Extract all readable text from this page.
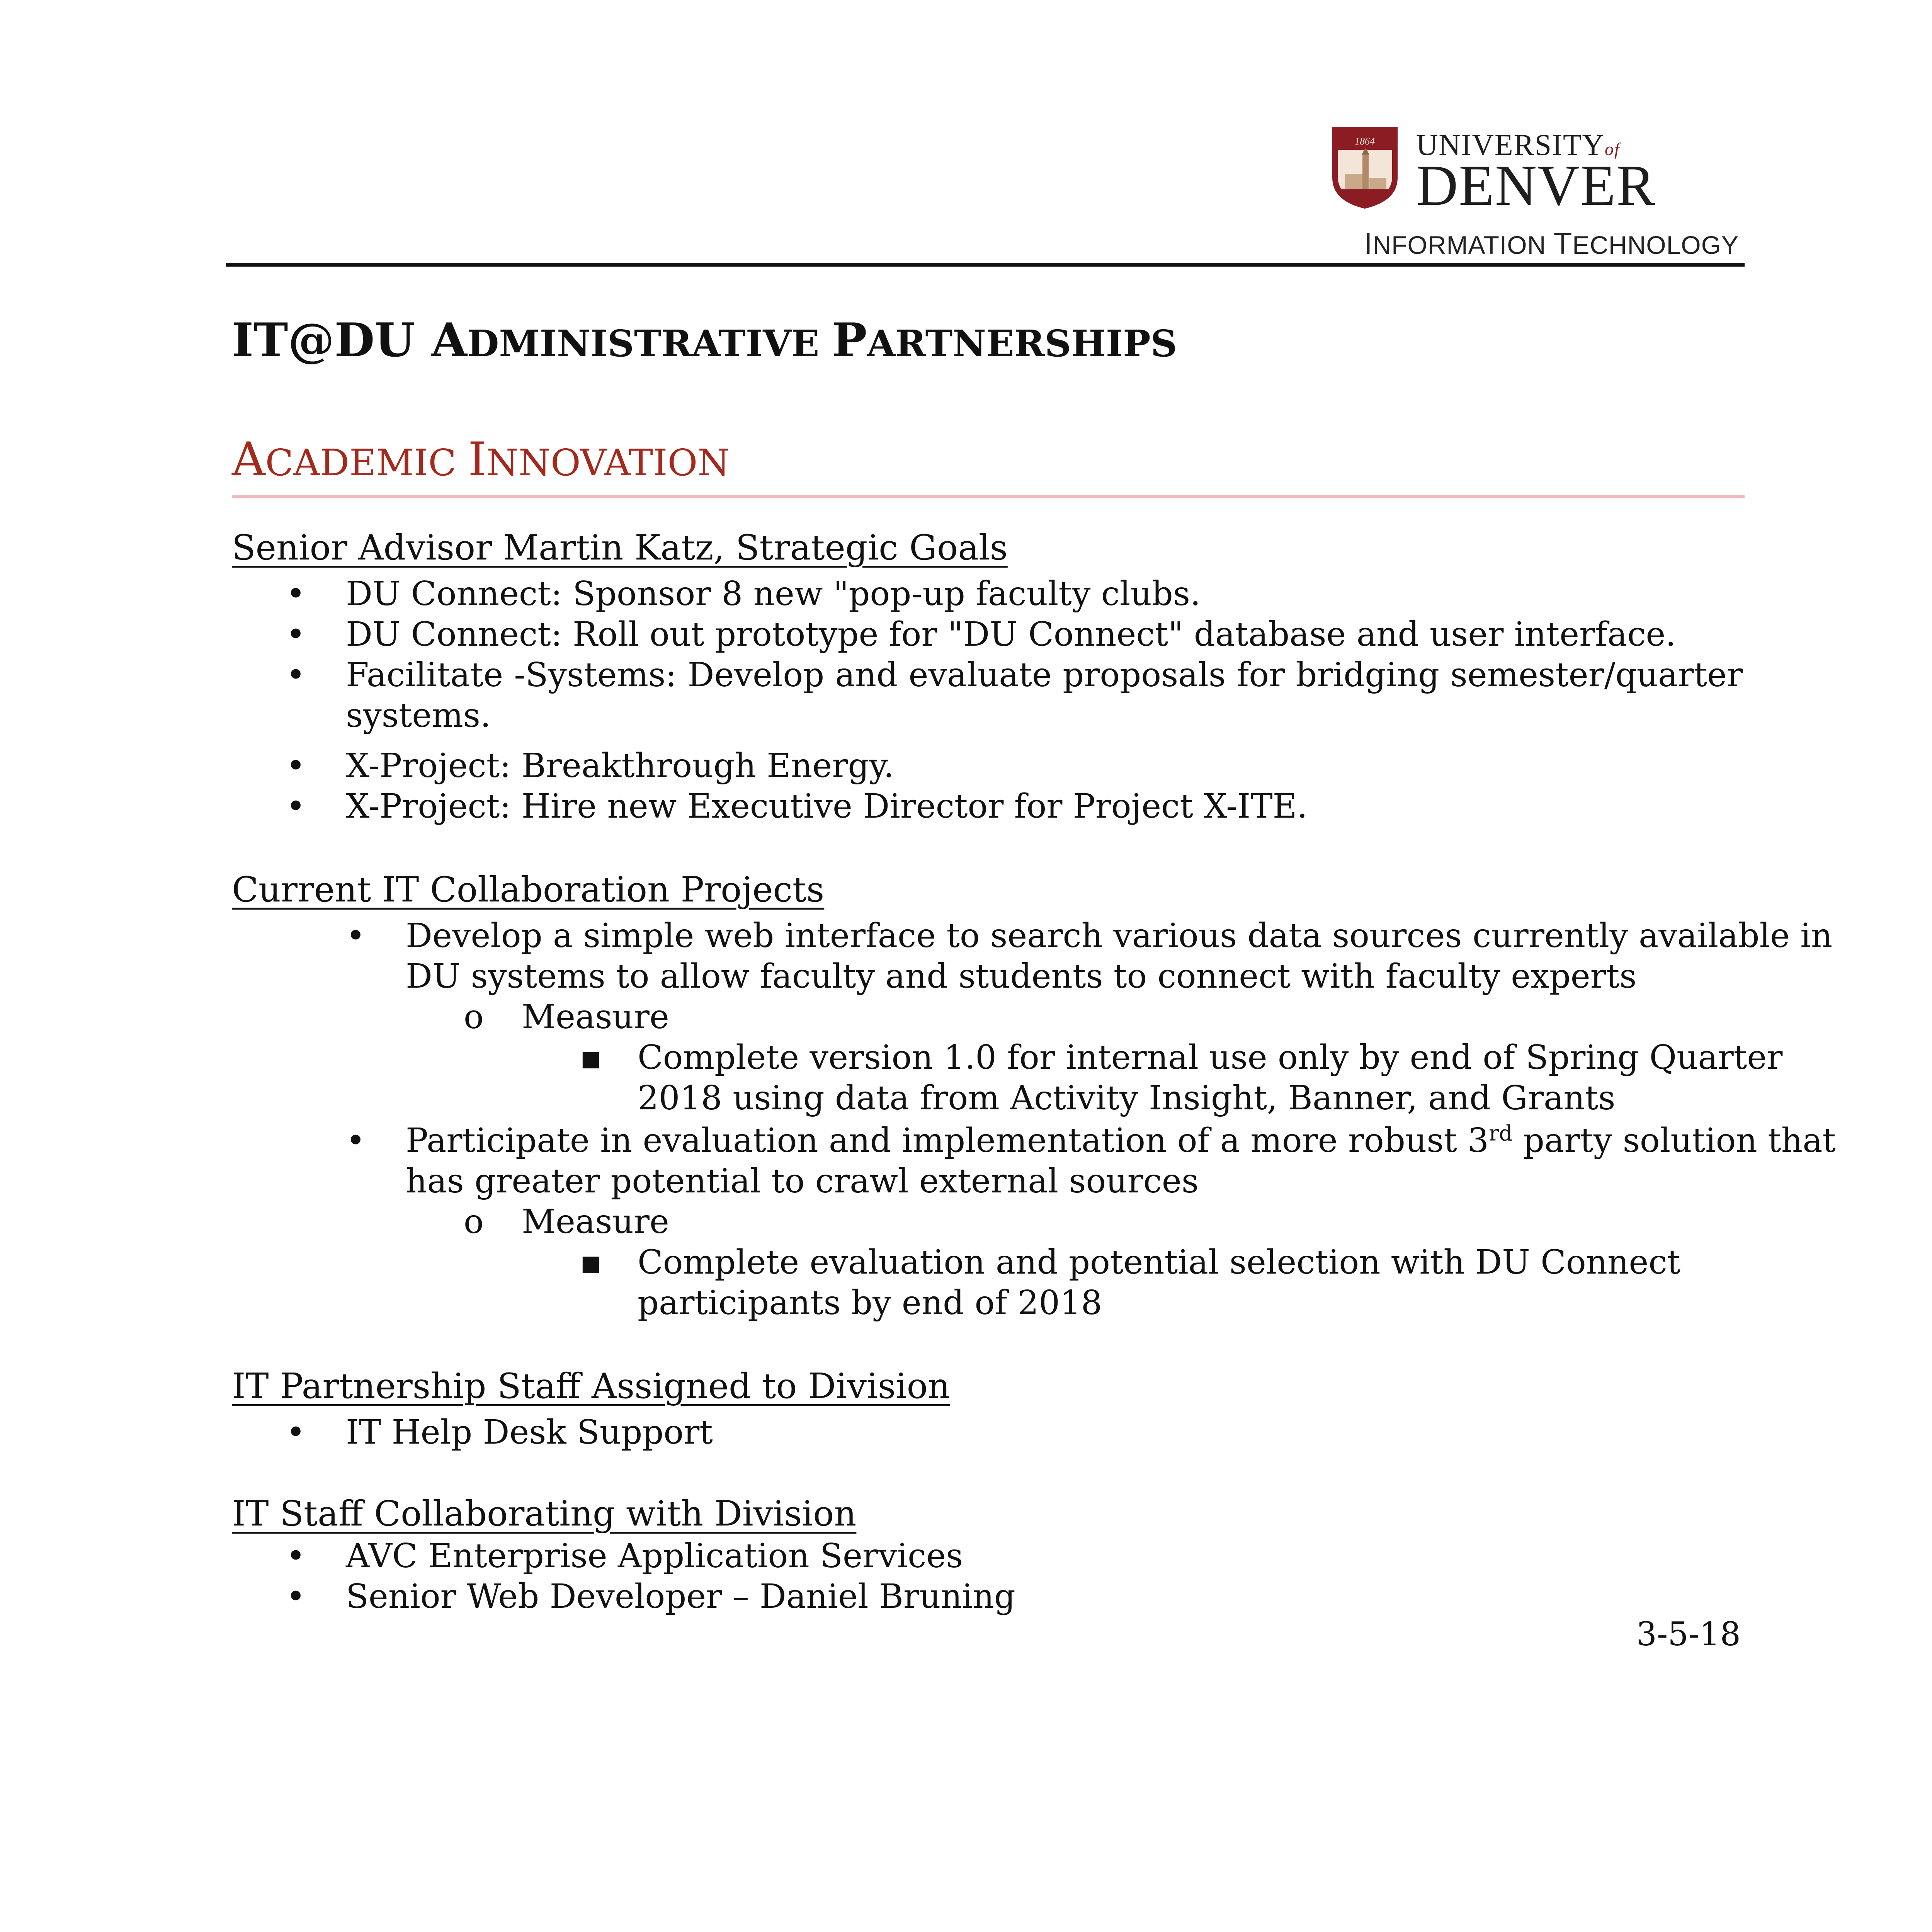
1864 UNIVERSITYof
DENVER
INFORMATION TECHNOLOGY
IT@DU ADMINISTRATIVE PARTNERSHIPS
ACADEMIC INNOVATION
Senior Advisor Martin Katz, Strategic Goals
• DU Connect: Sponsor 8 new "pop-up faculty clubs.
• DU Connect: Roll out prototype for "DU Connect" database and user interface.
• Facilitate -Systems: Develop and evaluate proposals for bridging semester/quarter
systems.
• X-Project: Breakthrough Energy.
• X-Project: Hire new Executive Director for Project X-ITE.
Current IT Collaboration Projects
• Develop a simple web interface to search various data sources currently available in
DU systems to allow faculty and students to connect with faculty experts
o Measure
▪ Complete version 1.0 for internal use only by end of Spring Quarter
2018 using data from Activity Insight, Banner, and Grants
• Participate in evaluation and implementation of a more robust 3rd party solution that
has greater potential to crawl external sources
o Measure
▪ Complete evaluation and potential selection with DU Connect
participants by end of 2018
IT Partnership Staff Assigned to Division
• IT Help Desk Support
IT Staff Collaborating with Division
• AVC Enterprise Application Services
• Senior Web Developer – Daniel Bruning
3-5-18
